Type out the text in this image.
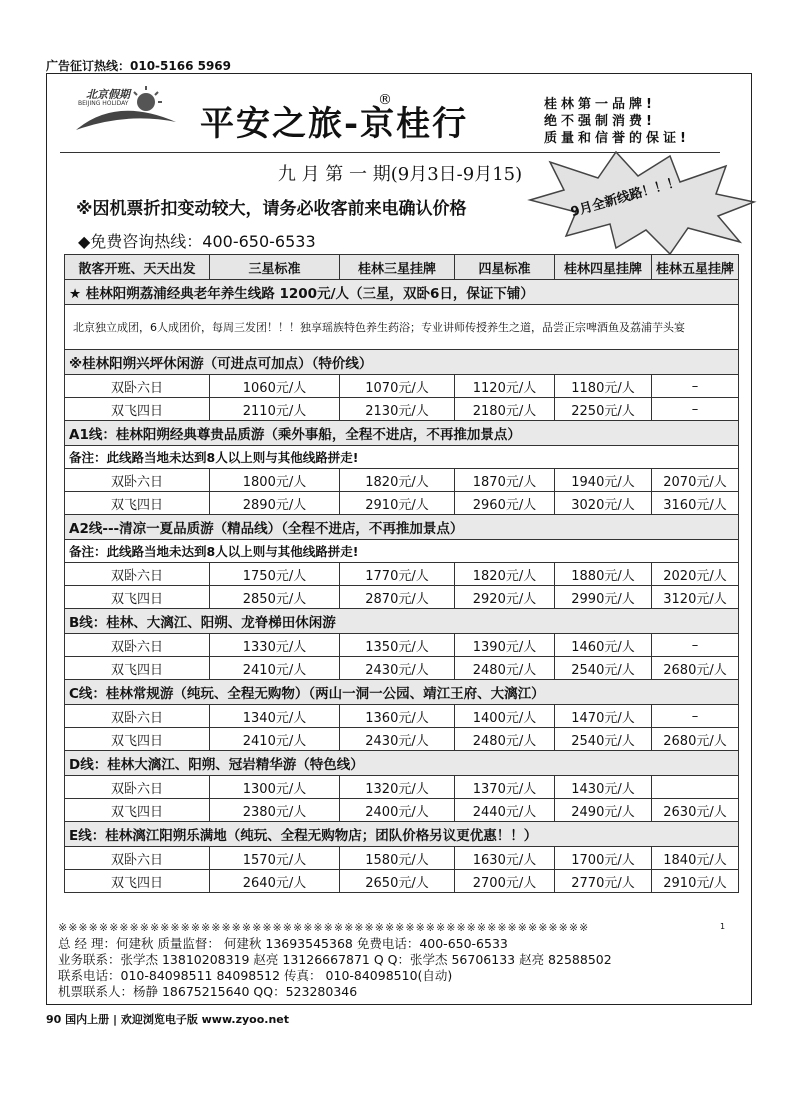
广告征订热线：010-5166 5969
北京假期
BEIJING HOLIDAY
平安之旅-京桂行
®	桂林第一品牌!
绝不强制消费!
质量和信誉的保证!
九 月 第 一 期(9月3日-9月15)
※因机票折扣变动较大，请务必收客前来电确认价格
◆免费咨询热线：400-650-6533
9月全新线路！！！
散客开班、天天出发	三星标准	桂林三星挂牌	四星标准	桂林四星挂牌	桂林五星挂牌
★ 桂林阳朔荔浦经典老年养生线路 1200元/人（三星，双卧6日，保证下铺）					
北京独立成团，6人成团价，每周三发团！！！独享瑶族特色养生药浴；专业讲师传授养生之道，品尝正宗啤酒鱼及荔浦芋头宴					
※桂林阳朔兴坪休闲游（可进点可加点）（特价线）					
双卧六日	1060元/人	1070元/人	1120元/人	1180元/人	–
双飞四日	2110元/人	2130元/人	2180元/人	2250元/人	–
A1线：桂林阳朔经典尊贵品质游（乘外事船，全程不进店，不再推加景点）					
备注：此线路当地未达到8人以上则与其他线路拼走!					
双卧六日	1800元/人	1820元/人	1870元/人	1940元/人	2070元/人
双飞四日	2890元/人	2910元/人	2960元/人	3020元/人	3160元/人
A2线---清凉一夏品质游（精品线）（全程不进店，不再推加景点）					
备注：此线路当地未达到8人以上则与其他线路拼走!					
双卧六日	1750元/人	1770元/人	1820元/人	1880元/人	2020元/人
双飞四日	2850元/人	2870元/人	2920元/人	2990元/人	3120元/人
B线：桂林、大漓江、阳朔、龙脊梯田休闲游					
双卧六日	1330元/人	1350元/人	1390元/人	1460元/人	–
双飞四日	2410元/人	2430元/人	2480元/人	2540元/人	2680元/人
C线：桂林常规游（纯玩、全程无购物）（两山一洞一公园、靖江王府、大漓江）					
双卧六日	1340元/人	1360元/人	1400元/人	1470元/人	–
双飞四日	2410元/人	2430元/人	2480元/人	2540元/人	2680元/人
D线：桂林大漓江、阳朔、冠岩精华游（特色线）					
双卧六日	1300元/人	1320元/人	1370元/人	1430元/人	
双飞四日	2380元/人	2400元/人	2440元/人	2490元/人	2630元/人
E线：桂林漓江阳朔乐满地（纯玩、全程无购物店；团队价格另议更优惠！！）					
双卧六日	1570元/人	1580元/人	1630元/人	1700元/人	1840元/人
双飞四日	2640元/人	2650元/人	2700元/人	2770元/人	2910元/人
※※※※※※※※※※※※※※※※※※※※※※※※※※※※※※※※※※※※※※※※※※※※※※※※※※※※
总 经 理：何建秋 质量监督： 何建秋 13693545368 免费电话：400-650-6533
业务联系：张学杰 13810208319 赵亮 13126667871 Q Q：张学杰 56706133 赵亮 82588502
联系电话：010-84098511 84098512 传真： 010-84098510(自动)
机票联系人：杨静 18675215640 QQ：523280346
1
90 国内上册 | 欢迎浏览电子版 www.zyoo.net
